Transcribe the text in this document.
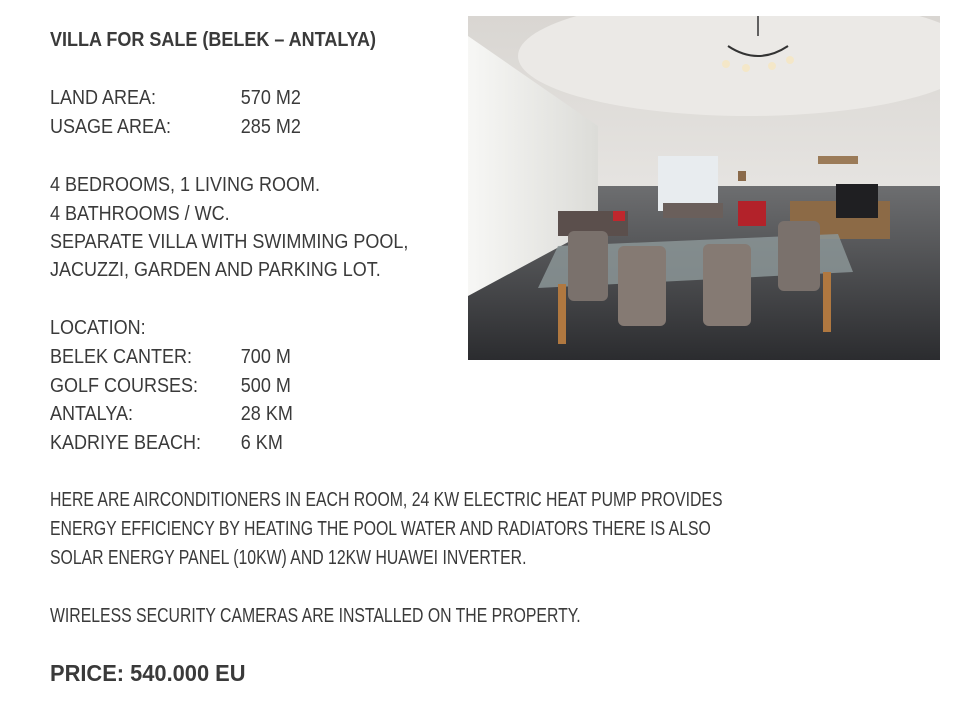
VILLA FOR SALE (BELEK – ANTALYA)
LAND AREA:	570 M2
USAGE AREA:	285 M2
4 BEDROOMS, 1 LIVING ROOM.
4 BATHROOMS / WC.
SEPARATE VILLA WITH SWIMMING POOL,
JACUZZI, GARDEN AND PARKING LOT.
LOCATION:
BELEK CANTER: 700 M
GOLF COURSES: 500 M
ANTALYA:	28 KM
KADRIYE BEACH: 6 KM
HERE ARE AIRCONDITIONERS IN EACH ROOM, 24 KW ELECTRIC HEAT PUMP PROVIDES
ENERGY EFFICIENCY BY HEATING THE POOL WATER AND RADIATORS THERE IS ALSO
SOLAR ENERGY PANEL (10KW) AND 12KW HUAWEI INVERTER.
WIRELESS SECURITY CAMERAS ARE INSTALLED ON THE PROPERTY.
PRICE: 540.000 EU
